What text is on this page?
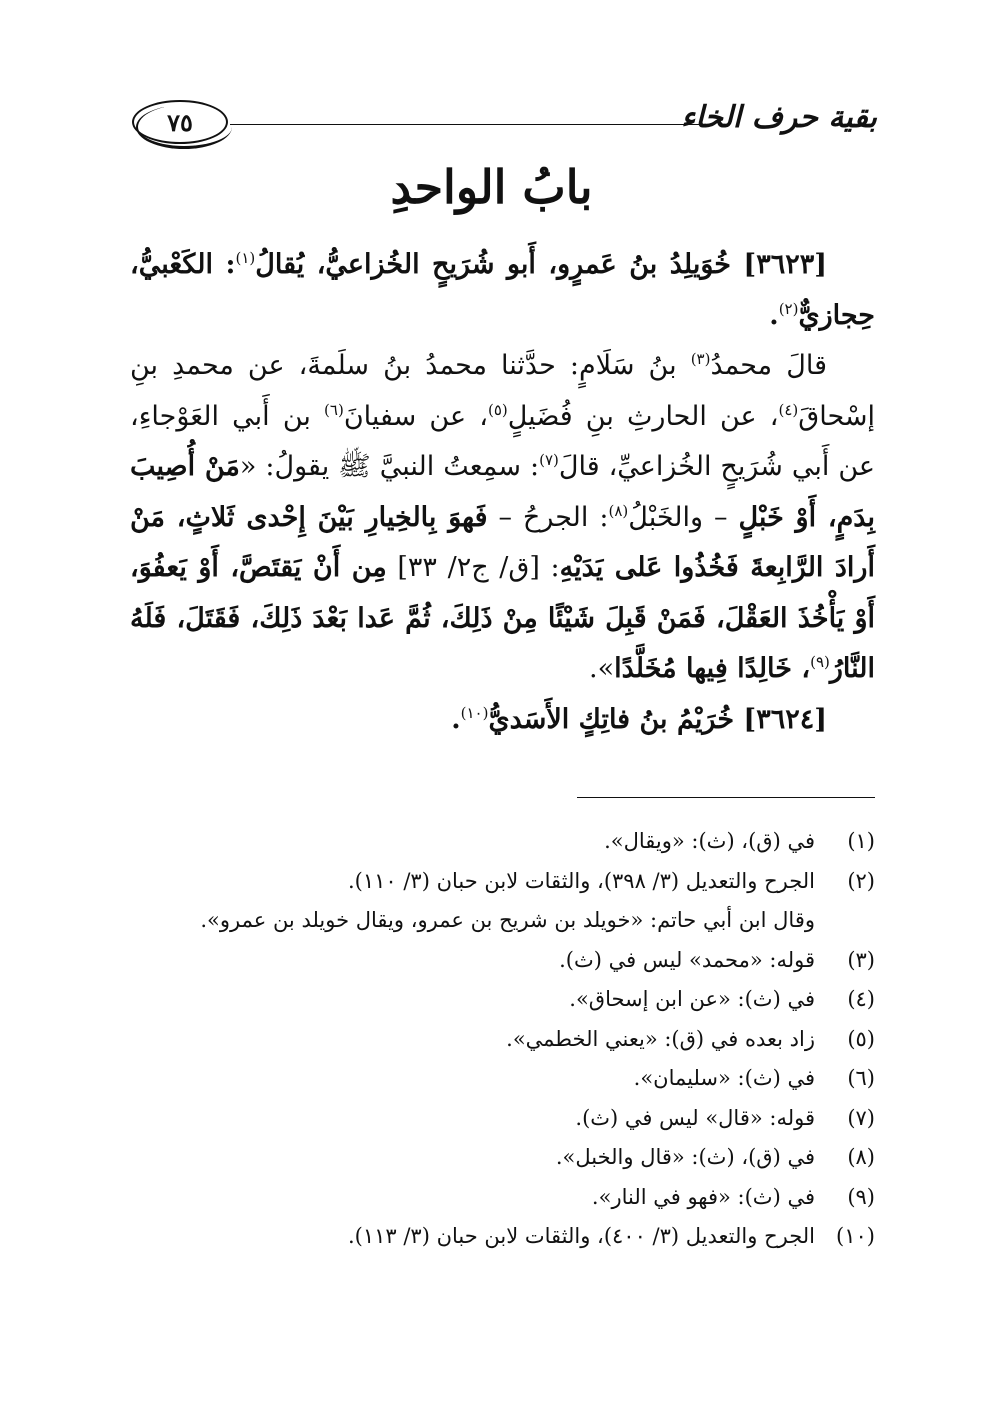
بقية حرف الخاء
٧٥
بابُ الواحدِ

[٣٦٢٣] خُوَيلِدُ بنُ عَمرٍو، أَبو شُرَيحٍ الخُزاعيُّ، يُقالُ$^{(١)}$: الكَعْبيُّ، حِجازيٌّ$^{(٢)}$.

قالَ محمدُ$^{(٣)}$ بنُ سَلَامٍ: حدَّثنا محمدُ بنُ سلَمةَ، عن محمدِ بنِ إسْحاقَ$^{(٤)}$، عن الحارثِ بنِ فُضَيلٍ$^{(٥)}$، عن سفيانَ$^{(٦)}$ بن أَبي العَوْجاءِ، عن أَبي شُرَيحٍ الخُزاعيِّ، قالَ$^{(٧)}$: سمِعتُ النبيَّ ﷺ يقولُ: «مَنْ أُصِيبَ بِدَمٍ، أَوْ خَبْلٍ – والخَبْلُ$^{(٨)}$: الجرحُ – فَهوَ بِالخِيارِ بَيْنَ إِحْدى ثَلاثٍ، مَنْ أَرادَ الرَّابِعةَ فَخُذُوا عَلى يَدَيْهِ: [ق/ ج٢/ ٣٣] مِن أَنْ يَقتَصَّ، أَوْ يَعفُوَ، أَوْ يَأْخُذَ العَقْلَ، فَمَنْ قَبِلَ شَيْئًا مِنْ ذَلِكَ، ثُمَّ عَدا بَعْدَ ذَلِكَ، فَقَتَلَ، فَلَهُ النَّارُ$^{(٩)}$، خَالِدًا فِيها مُخَلَّدًا».

[٣٦٢٤] خُرَيْمُ بنُ فاتِكٍ الأَسَديُّ$^{(١٠)}$.

(١)
في (ق)، (ث): «ويقال».
(٢)
الجرح والتعديل (٣/ ٣٩٨)، والثقات لابن حبان (٣/ ١١٠).
وقال ابن أبي حاتم: «خويلد بن شريح بن عمرو، ويقال خويلد بن عمرو».
(٣)
قوله: «محمد» ليس في (ث).
(٤)
في (ث): «عن ابن إسحاق».
(٥)
زاد بعده في (ق): «يعني الخطمي».
(٦)
في (ث): «سليمان».
(٧)
قوله: «قال» ليس في (ث).
(٨)
في (ق)، (ث): «قال والخبل».
(٩)
في (ث): «فهو في النار».
(١٠)
الجرح والتعديل (٣/ ٤٠٠)، والثقات لابن حبان (٣/ ١١٣).
